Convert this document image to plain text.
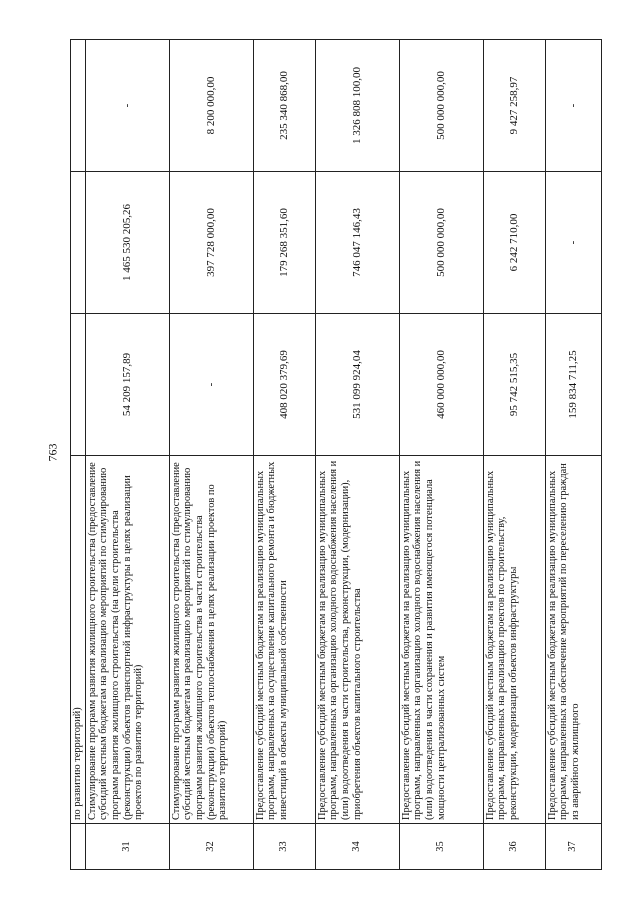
763
	по развитию территорий)			
31	Стимулирование программ развития жилищного строительства (предоставление субсидий местным бюджетам на реализацию мероприятий по стимулированию программ развития жилищного строительства (на цели строительства (реконструкции) объектов транспортной инфраструктуры в целях реализации проектов по развитию территорий)	54 209 157,89	1 465 530 205,26	-
32	Стимулирование программ развития жилищного строительства (предоставление субсидий местным бюджетам на реализацию мероприятий по стимулированию программ развития жилищного строительства в части строительства (реконструкции) объектов теплоснабжения в целях реализации проектов по развитию территорий)	-	397 728 000,00	8 200 000,00
33	Предоставление субсидий местным бюджетам на реализацию муниципальных программ, направленных на осуществление капитального ремонта и бюджетных инвестиций в объекты муниципальной собственности	408 020 379,69	179 268 351,60	235 340 868,00
34	Предоставление субсидий местным бюджетам на реализацию муниципальных программ, направленных на организацию холодного водоснабжения населения и (или) водоотведения в части строительства, реконструкции, (модернизации), приобретения объектов капитального строительства	531 099 924,04	746 047 146,43	1 326 808 100,00
35	Предоставление субсидий местным бюджетам на реализацию муниципальных программ, направленных на организацию холодного водоснабжения населения и (или) водоотведения в части сохранения и развития имеющегося потенциала мощности централизованных систем	460 000 000,00	500 000 000,00	500 000 000,00
36	Предоставление субсидий местным бюджетам на реализацию муниципальных программ, направленных на реализацию проектов по строительству, реконструкции, модернизации объектов инфраструктуры	95 742 515,35	6 242 710,00	9 427 258,97
37	Предоставление субсидий местным бюджетам на реализацию муниципальных программ, направленных на обеспечение мероприятий по переселению граждан из аварийного жилищного	159 834 711,25	-	-
